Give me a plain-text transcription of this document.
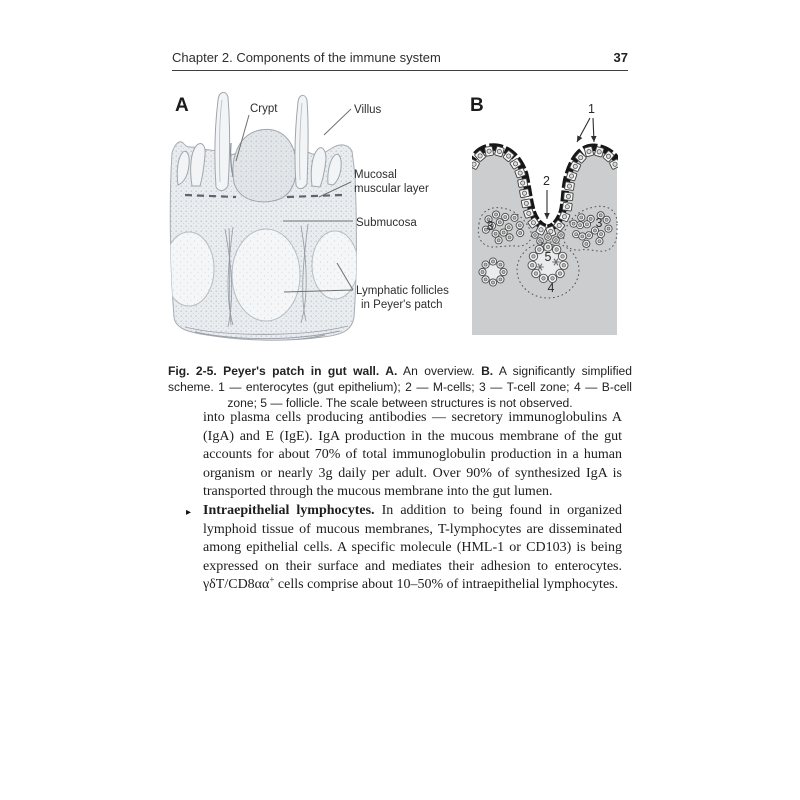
Chapter 2. Components of the immune system	37
A	Crypt	Villus
Mucosal
muscular layer
Submucosa
Lymphatic follicles
in Peyer's patch
B	1
2
3	3
4
5

Fig. 2-5. Peyer's patch in gut wall. A. An overview. B. A significantly simplified scheme. 1 — enterocytes (gut epithelium); 2 — M-cells; 3 — T-cell zone; 4 — B-cell zone; 5 — follicle. The scale between structures is not observed.

into plasma cells producing antibodies — secretory immunoglobulins A (IgA) and E (IgE). IgA production in the mucous membrane of the gut accounts for about 70% of total immunoglobulin production in a human organism or nearly 3g daily per adult. Over 90% of synthesized IgA is transported through the mucous membrane into the gut lumen.

▸ Intraepithelial lymphocytes. In addition to being found in organized lymphoid tissue of mucous membranes, T-lymphocytes are disseminated among epithelial cells. A specific molecule (HML-1 or CD103) is being expressed on their surface and mediates their adhesion to enterocytes. γδT/CD8αα+ cells comprise about 10–50% of intraepithelial lymphocytes.
